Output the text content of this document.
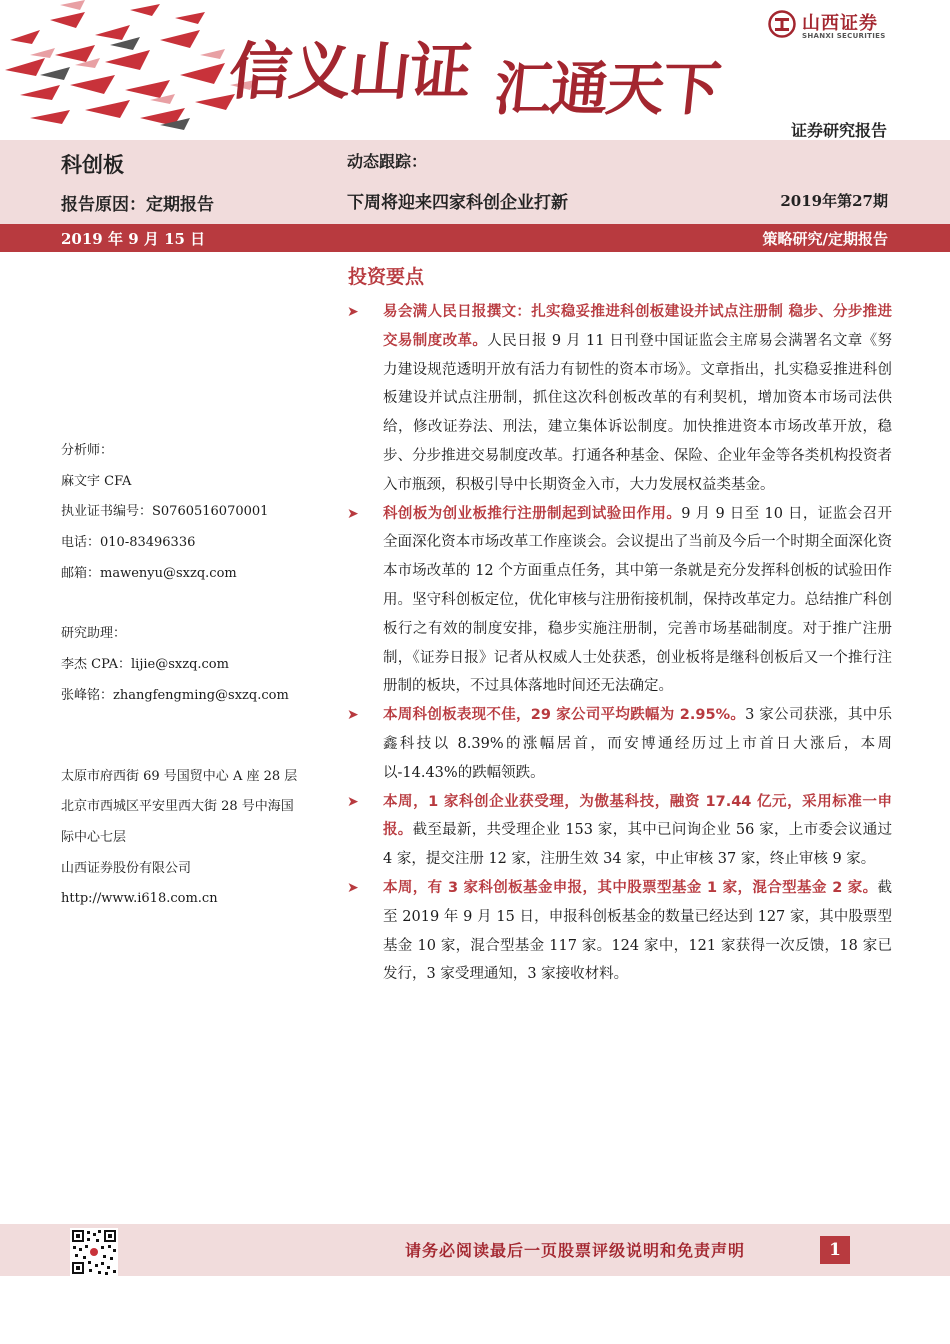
信义山证 汇通天下
山西证券
SHANXI SECURITIES
证券研究报告
科创板
报告原因：定期报告
动态跟踪：
下周将迎来四家科创企业打新	2019年第27期
2019 年 9 月 15 日	策略研究/定期报告
分析师：
麻文宇 CFA
执业证书编号：S0760516070001
电话：010-83496336
邮箱：mawenyu@sxzq.com
研究助理：
李杰 CPA：lijie@sxzq.com
张峰铭：zhangfengming@sxzq.com
太原市府西街 69 号国贸中心 A 座 28 层
北京市西城区平安里西大街 28 号中海国
际中心七层
山西证券股份有限公司
http://www.i618.com.cn
投资要点
➤ 易会满人民日报撰文：扎实稳妥推进科创板建设并试点注册制 稳步、分步推进交易制度改革。人民日报 9 月 11 日刊登中国证监会主席易会满署名文章《努力建设规范透明开放有活力有韧性的资本市场》。文章指出，扎实稳妥推进科创板建设并试点注册制，抓住这次科创板改革的有利契机，增加资本市场司法供给，修改证券法、刑法，建立集体诉讼制度。加快推进资本市场改革开放，稳步、分步推进交易制度改革。打通各种基金、保险、企业年金等各类机构投资者入市瓶颈，积极引导中长期资金入市，大力发展权益类基金。
➤ 科创板为创业板推行注册制起到试验田作用。9 月 9 日至 10 日，证监会召开全面深化资本市场改革工作座谈会。会议提出了当前及今后一个时期全面深化资本市场改革的 12 个方面重点任务，其中第一条就是充分发挥科创板的试验田作用。坚守科创板定位，优化审核与注册衔接机制，保持改革定力。总结推广科创板行之有效的制度安排，稳步实施注册制，完善市场基础制度。对于推广注册制，《证券日报》记者从权威人士处获悉，创业板将是继科创板后又一个推行注册制的板块，不过具体落地时间还无法确定。
➤ 本周科创板表现不佳，29 家公司平均跌幅为 2.95%。3 家公司获涨，其中乐鑫科技以 8.39%的涨幅居首，而安博通经历过上市首日大涨后，本周以-14.43%的跌幅领跌。
➤ 本周，1 家科创企业获受理，为傲基科技，融资 17.44 亿元，采用标准一申报。截至最新，共受理企业 153 家，其中已问询企业 56 家，上市委会议通过 4 家，提交注册 12 家，注册生效 34 家，中止审核 37 家，终止审核 9 家。
➤ 本周，有 3 家科创板基金申报，其中股票型基金 1 家，混合型基金 2 家。截至 2019 年 9 月 15 日，申报科创板基金的数量已经达到 127 家，其中股票型基金 10 家，混合型基金 117 家。124 家中，121 家获得一次反馈，18 家已发行，3 家受理通知，3 家接收材料。
请务必阅读最后一页股票评级说明和免责声明	1
